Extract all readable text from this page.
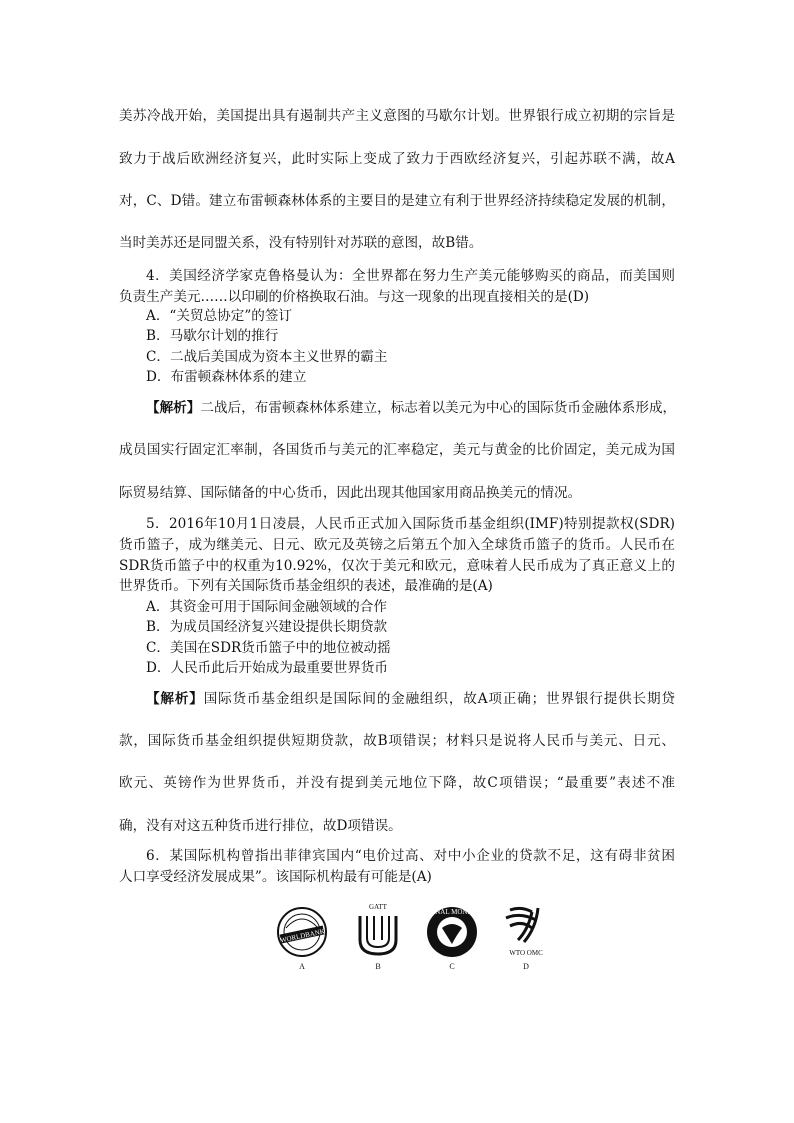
美苏冷战开始，美国提出具有遏制共产主义意图的马歇尔计划。世界银行成立初期的宗旨是
致力于战后欧洲经济复兴，此时实际上变成了致力于西欧经济复兴，引起苏联不满，故A
对，C、D错。建立布雷顿森林体系的主要目的是建立有利于世界经济持续稳定发展的机制，
当时美苏还是同盟关系，没有特别针对苏联的意图，故B错。
4．美国经济学家克鲁格曼认为：全世界都在努力生产美元能够购买的商品，而美国则
负责生产美元……以印刷的价格换取石油。与这一现象的出现直接相关的是(D)
A．“关贸总协定”的签订
B．马歇尔计划的推行
C．二战后美国成为资本主义世界的霸主
D．布雷顿森林体系的建立
【解析】二战后，布雷顿森林体系建立，标志着以美元为中心的国际货币金融体系形成，
成员国实行固定汇率制，各国货币与美元的汇率稳定，美元与黄金的比价固定，美元成为国
际贸易结算、国际储备的中心货币，因此出现其他国家用商品换美元的情况。
5．2016年10月1日凌晨，人民币正式加入国际货币基金组织(IMF)特别提款权(SDR)
货币篮子，成为继美元、日元、欧元及英镑之后第五个加入全球货币篮子的货币。人民币在
SDR货币篮子中的权重为10.92%，仅次于美元和欧元，意味着人民币成为了真正意义上的
世界货币。下列有关国际货币基金组织的表述，最准确的是(A)
A．其资金可用于国际间金融领域的合作
B．为成员国经济复兴建设提供长期贷款
C．美国在SDR货币篮子中的地位被动摇
D．人民币此后开始成为最重要世界货币
【解析】国际货币基金组织是国际间的金融组织，故A项正确；世界银行提供长期贷
款，国际货币基金组织提供短期贷款，故B项错误；材料只是说将人民币与美元、日元、
欧元、英镑作为世界货币，并没有提到美元地位下降，故C项错误；“最重要”表述不准
确，没有对这五种货币进行排位，故D项错误。
6．某国际机构曾指出菲律宾国内“电价过高、对中小企业的贷款不足，这有碍非贫困
人口享受经济发展成果”。该国际机构最有可能是(A)
WORLDBANK
A
GATT
B
INTERNATIONAL MONETARY FUND
C
WTO OMC
D
